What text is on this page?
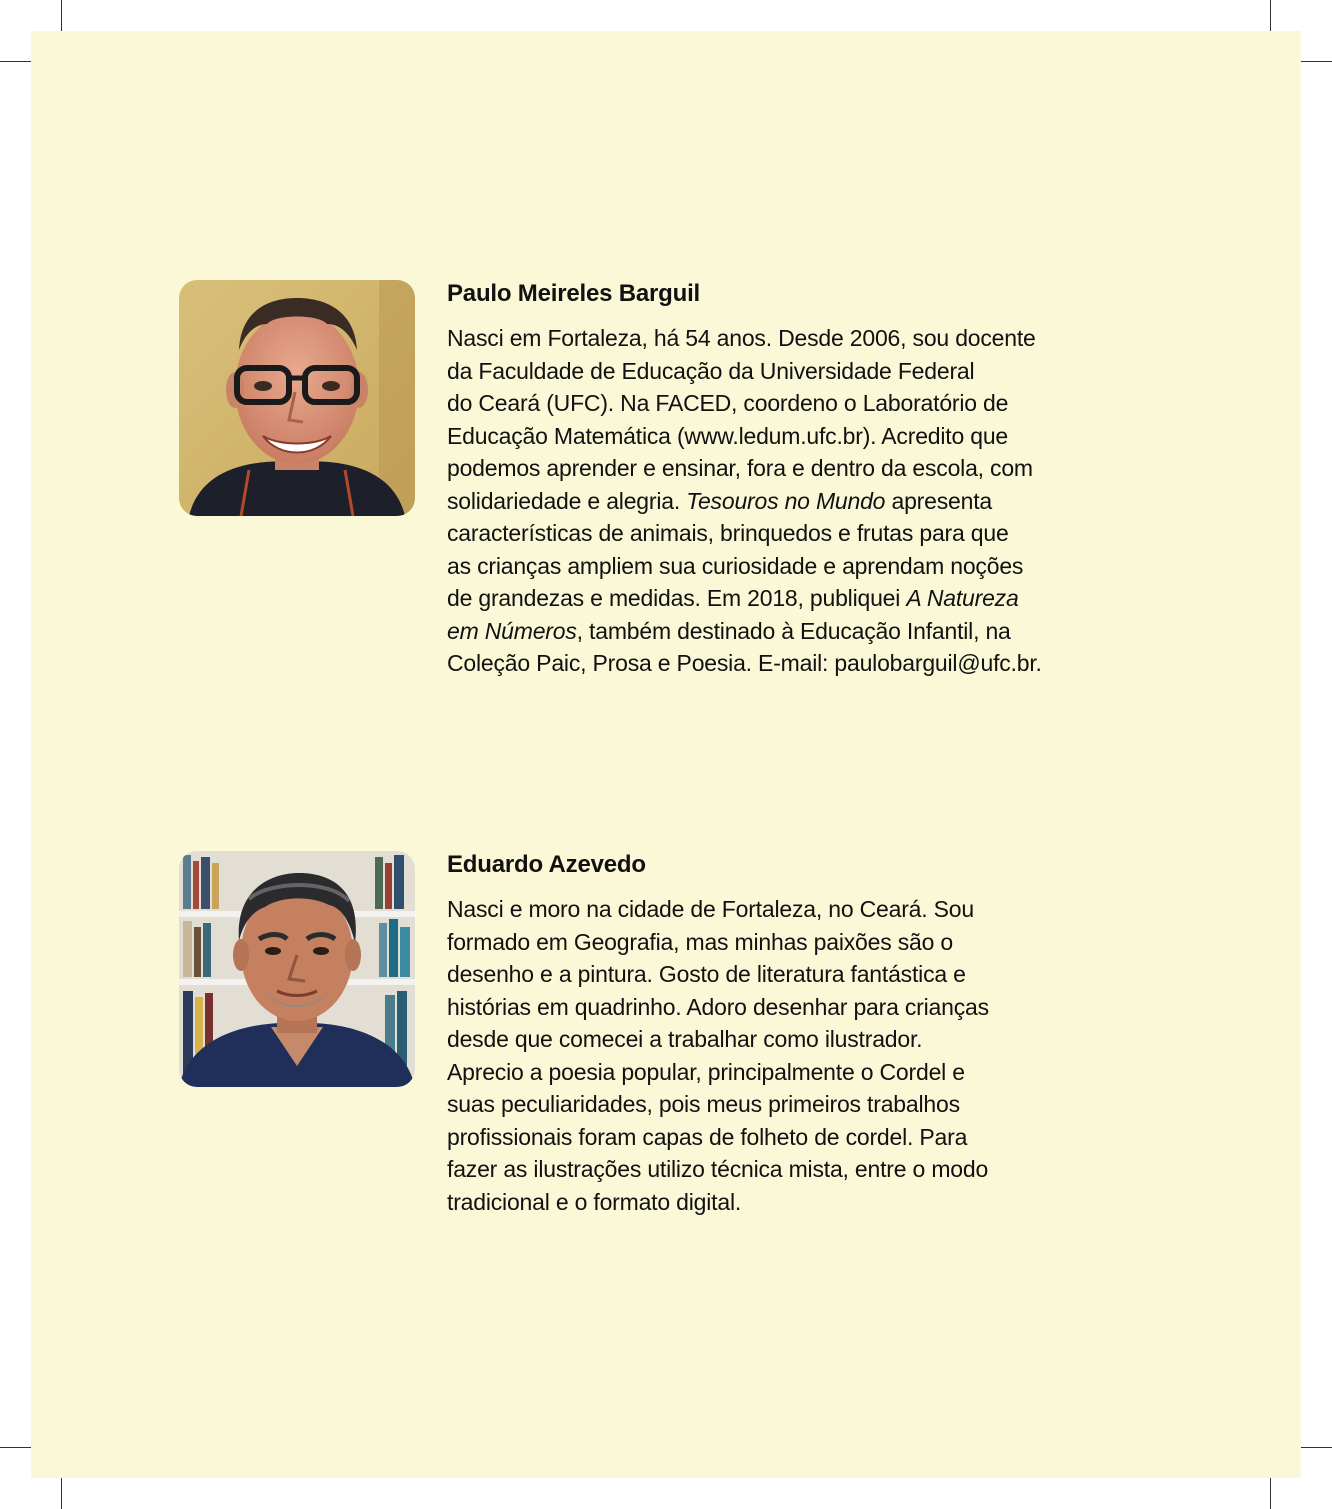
Paulo Meireles Barguil
Nasci em Fortaleza, há 54 anos. Desde 2006, sou docente
da Faculdade de Educação da Universidade Federal
do Ceará (UFC). Na FACED, coordeno o Laboratório de
Educação Matemática (www.ledum.ufc.br). Acredito que
podemos aprender e ensinar, fora e dentro da escola, com
solidariedade e alegria. Tesouros no Mundo apresenta
características de animais, brinquedos e frutas para que
as crianças ampliem sua curiosidade e aprendam noções
de grandezas e medidas. Em 2018, publiquei A Natureza
em Números, também destinado à Educação Infantil, na
Coleção Paic, Prosa e Poesia. E-mail: paulobarguil@ufc.br.
Eduardo Azevedo
Nasci e moro na cidade de Fortaleza, no Ceará. Sou
formado em Geografia, mas minhas paixões são o
desenho e a pintura. Gosto de literatura fantástica e
histórias em quadrinho. Adoro desenhar para crianças
desde que comecei a trabalhar como ilustrador.
Aprecio a poesia popular, principalmente o Cordel e
suas peculiaridades, pois meus primeiros trabalhos
profissionais foram capas de folheto de cordel. Para
fazer as ilustrações utilizo técnica mista, entre o modo
tradicional e o formato digital.
